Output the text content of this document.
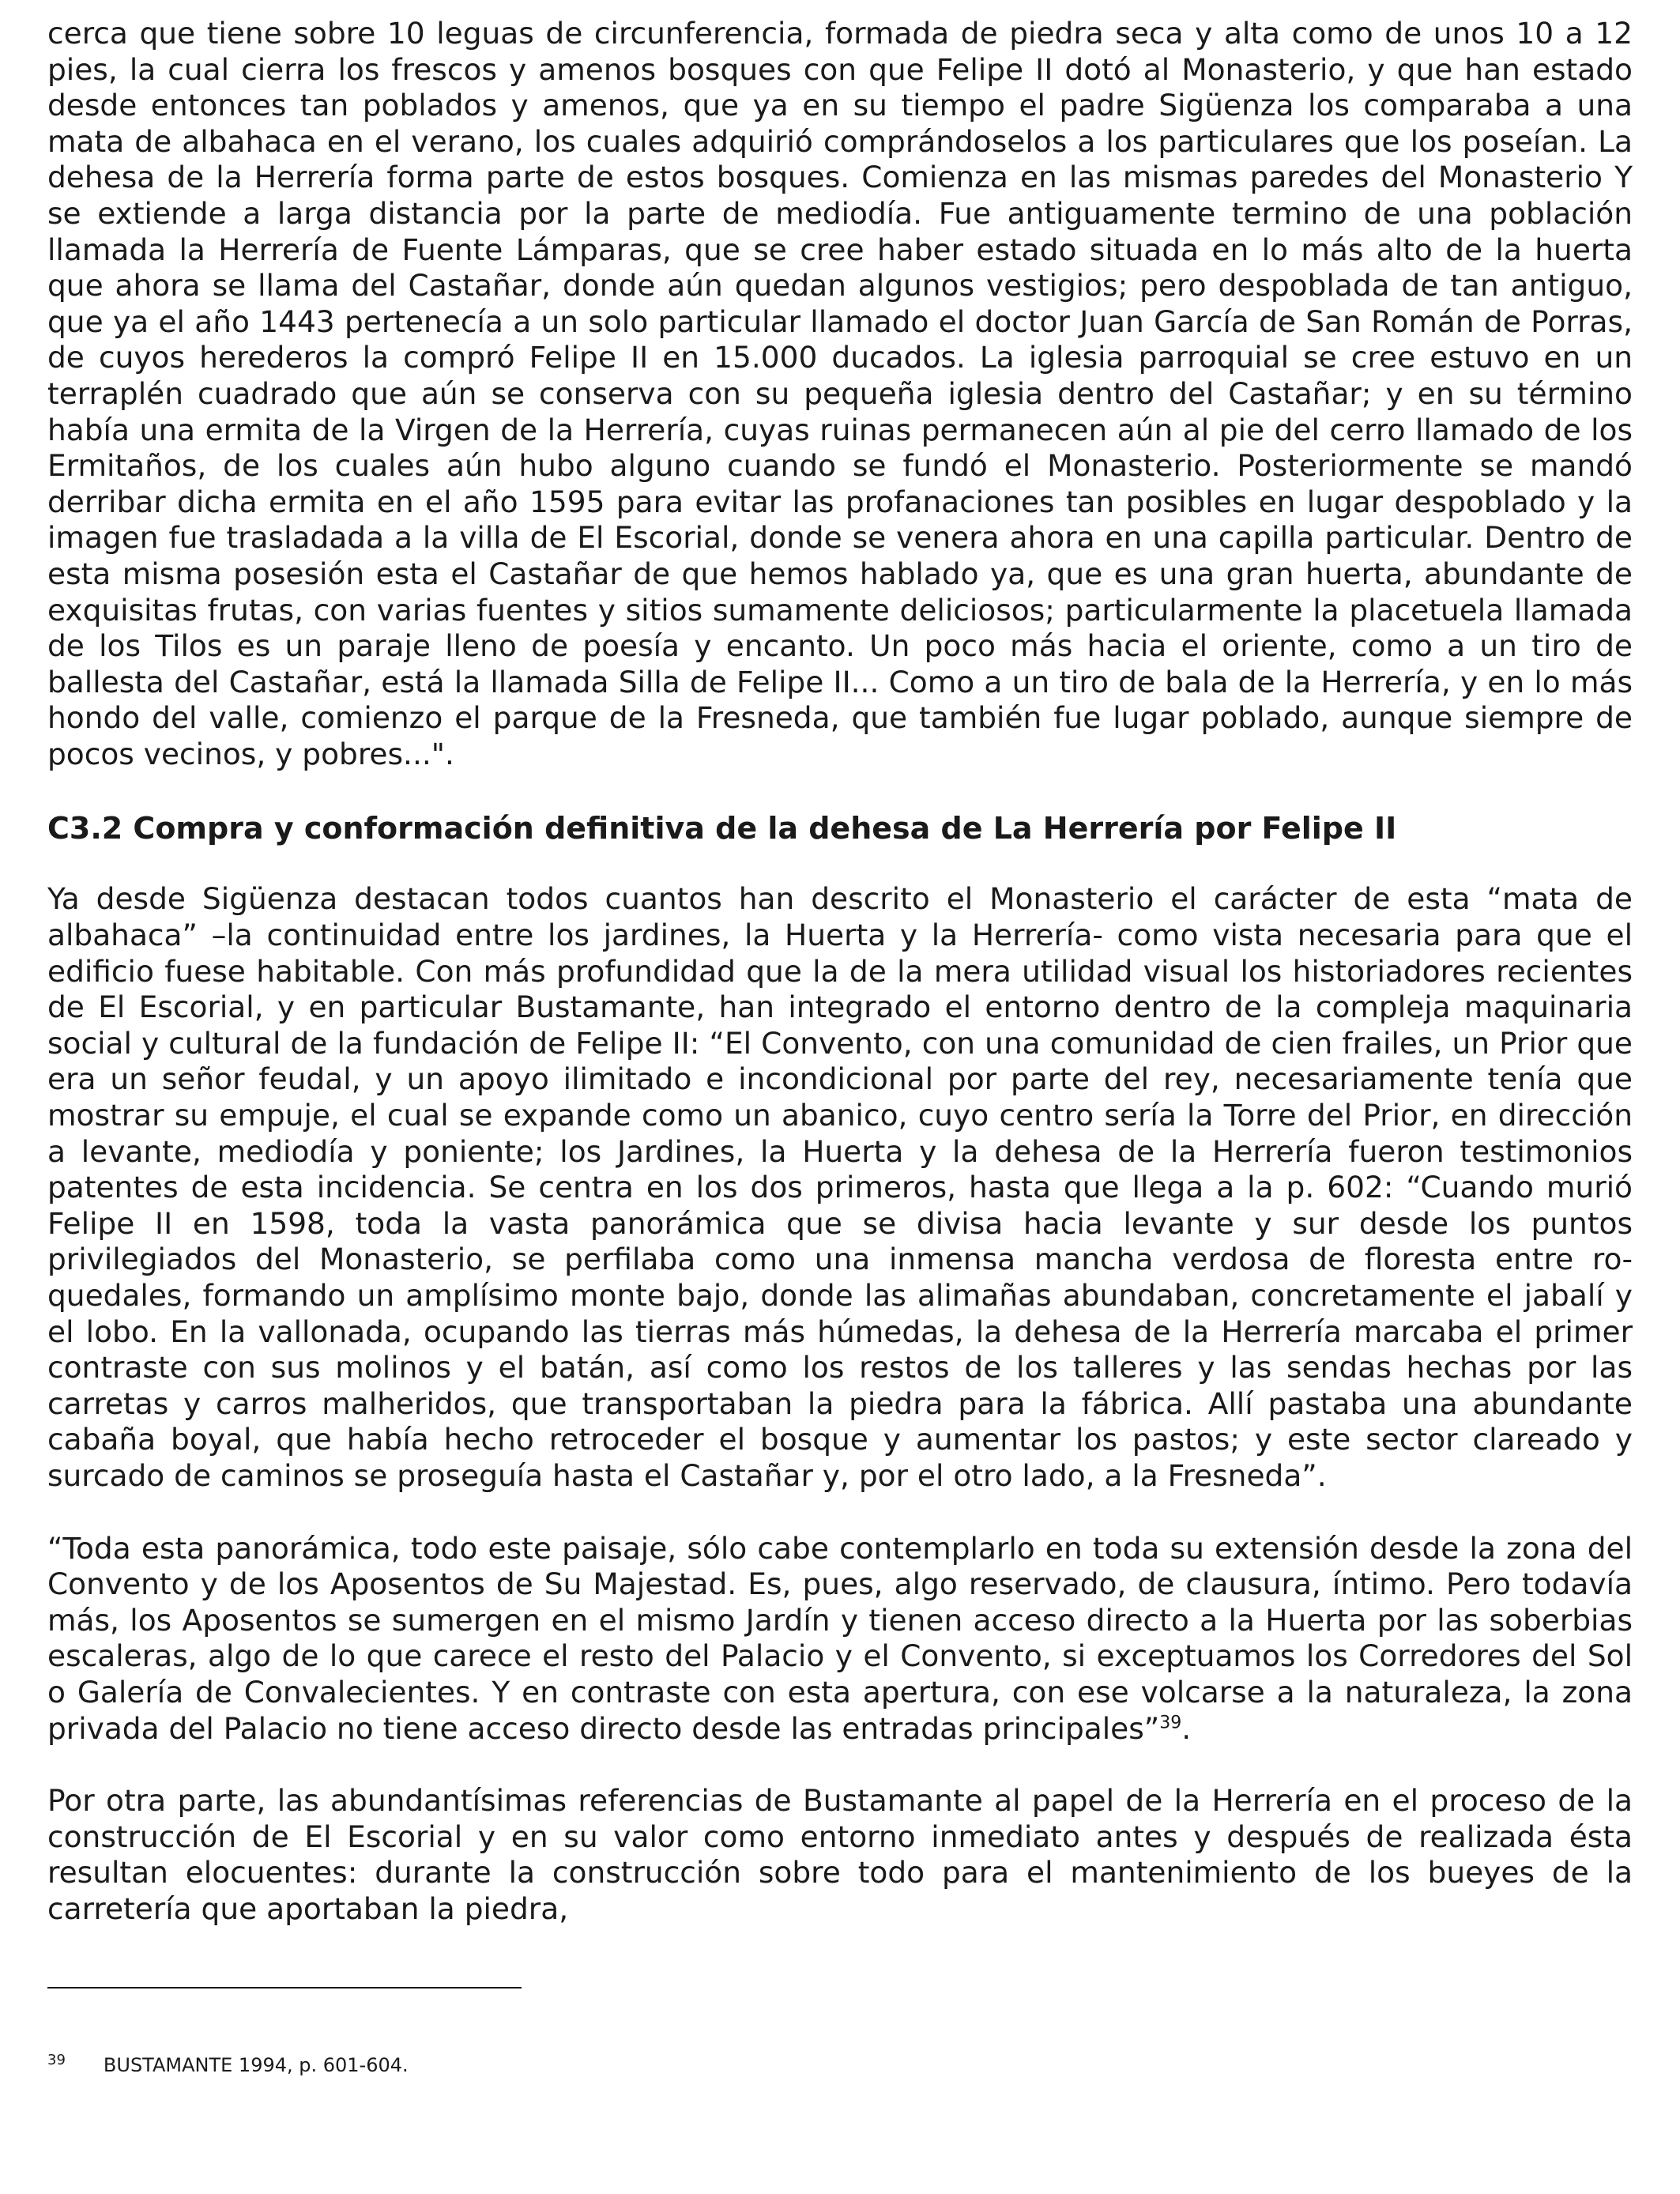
cerca que tiene sobre 10 leguas de circunferencia, formada de piedra seca y alta como de unos 10 a 12 pies, la cual cierra los frescos y amenos bosques con que Felipe II dotó al Monasterio, y que han estado desde entonces tan poblados y amenos, que ya en su tiempo el padre Sigüenza los comparaba a una mata de albahaca en el verano, los cuales adquirió comprándoselos a los particulares que los poseían. La dehesa de la Herrería forma parte de estos bosques. Comienza en las mismas paredes del Monasterio Y se extiende a larga distancia por la parte de mediodía. Fue antiguamente termino de una población llamada la Herrería de Fuente Lámparas, que se cree haber estado situada en lo más alto de la huerta que ahora se llama del Castañar, donde aún quedan algunos vestigios; pero despoblada de tan antiguo, que ya el año 1443 pertenecía a un solo particular llamado el doctor Juan García de San Román de Porras, de cuyos herederos la compró Felipe II en 15.000 ducados. La iglesia parroquial se cree estuvo en un terraplén cuadrado que aún se conserva con su pequeña iglesia dentro del Castañar; y en su término había una ermita de la Virgen de la Herrería, cuyas ruinas permanecen aún al pie del cerro llamado de los Ermitaños, de los cuales aún hubo alguno cuando se fundó el Monasterio. Posteriormente se mandó derribar dicha ermita en el año 1595 para evitar las profanaciones tan posibles en lugar despoblado y la imagen fue trasladada a la villa de El Escorial, donde se venera ahora en una capilla particular. Dentro de esta misma posesión esta el Castañar de que hemos hablado ya, que es una gran huerta, abundante de exquisitas frutas, con varias fuentes y sitios sumamente deliciosos; particularmente la placetuela llamada de los Tilos es un paraje lleno de poesía y encanto. Un poco más hacia el oriente, como a un tiro de ballesta del Castañar, está la llamada Silla de Felipe II... Como a un tiro de bala de la Herrería, y en lo más hondo del valle, comienzo el parque de la Fresneda, que también fue lugar poblado, aunque siempre de pocos vecinos, y pobres...".

C3.2 Compra y conformación definitiva de la dehesa de La Herrería por Felipe II

Ya desde Sigüenza destacan todos cuantos han descrito el Monasterio el carácter de esta “mata de albahaca” –la continuidad entre los jardines, la Huerta y la Herrería- como vista necesaria para que el edificio fuese habitable. Con más profundidad que la de la mera utilidad visual los historiadores recientes de El Escorial, y en particular Bustamante, han integrado el entorno dentro de la compleja maquinaria social y cultural de la fundación de Felipe II: “El Convento, con una comunidad de cien frailes, un Prior que era un señor feudal, y un apoyo ilimitado e incondicional por parte del rey, necesariamente tenía que mostrar su empuje, el cual se expande como un abanico, cuyo centro sería la Torre del Prior, en dirección a levante, mediodía y poniente; los Jardines, la Huerta y la dehesa de la Herrería fueron testimonios patentes de esta incidencia. Se centra en los dos primeros, hasta que llega a la p. 602: “Cuando murió Felipe II en 1598, toda la vasta panorámica que se divisa hacia levante y sur desde los puntos privilegiados del Monasterio, se perfilaba como una inmensa mancha verdosa de floresta entre roquedales, formando un amplísimo monte bajo, donde las alimañas abundaban, concretamente el jabalí y el lobo. En la vallonada, ocupando las tierras más húmedas, la dehesa de la Herrería marcaba el primer contraste con sus molinos y el batán, así como los restos de los talleres y las sendas hechas por las carretas y carros malheridos, que transportaban la piedra para la fábrica. Allí pastaba una abundante cabaña boyal, que había hecho retroceder el bosque y aumentar los pastos; y este sector clareado y surcado de caminos se proseguía hasta el Castañar y, por el otro lado, a la Fresneda”.

“Toda esta panorámica, todo este paisaje, sólo cabe contemplarlo en toda su extensión desde la zona del Convento y de los Aposentos de Su Majestad. Es, pues, algo reservado, de clausura, íntimo. Pero todavía más, los Aposentos se sumergen en el mismo Jardín y tienen acceso directo a la Huerta por las soberbias escaleras, algo de lo que carece el resto del Palacio y el Convento, si exceptuamos los Corredores del Sol o Galería de Convalecientes. Y en contraste con esta apertura, con ese volcarse a la naturaleza, la zona privada del Palacio no tiene acceso directo desde las entradas principales”$^{39}$.

Por otra parte, las abundantísimas referencias de Bustamante al papel de la Herrería en el proceso de la construcción de El Escorial y en su valor como entorno inmediato antes y después de realizada ésta resultan elocuentes: durante la construcción sobre todo para el mantenimiento de los bueyes de la carretería que aportaban la piedra,

$^{39}$ BUSTAMANTE 1994, p. 601-604.
